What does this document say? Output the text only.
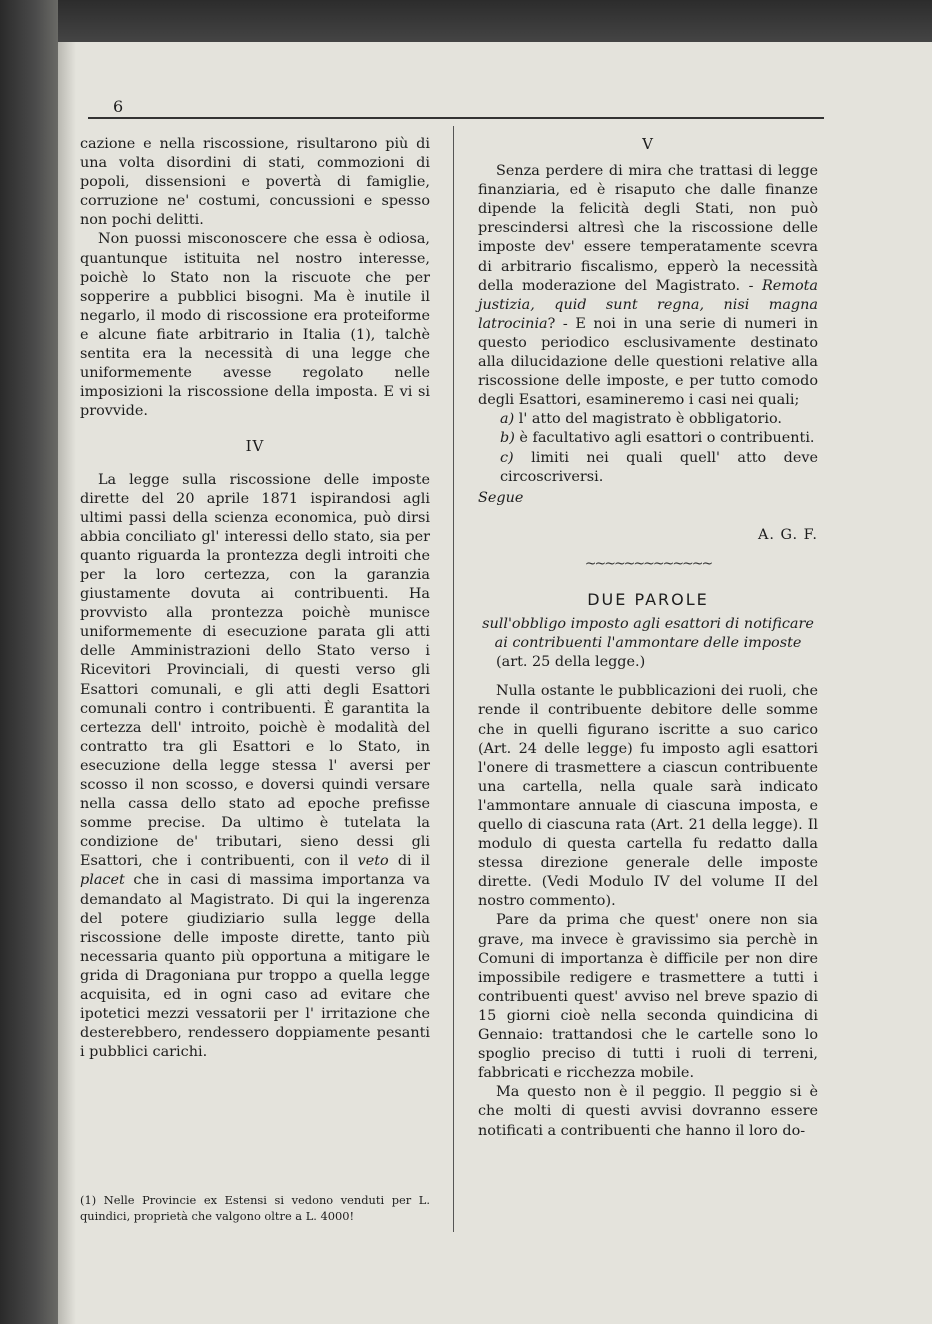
6

cazione e nella riscossione, risultarono più di una volta disordini di stati, commozioni di popoli, dissensioni e povertà di famiglie, corruzione ne' costumi, concussioni e spesso non pochi delitti.

Non puossi misconoscere che essa è odiosa, quantunque istituita nel nostro interesse, poichè lo Stato non la riscuote che per sopperire a pubblici bisogni. Ma è inutile il negarlo, il modo di riscossione era proteiforme e alcune fiate arbitrario in Italia (1), talchè sentita era la necessità di una legge che uniformemente avesse regolato nelle imposizioni la riscossione della imposta. E vi si provvide.

IV

La legge sulla riscossione delle imposte dirette del 20 aprile 1871 ispirandosi agli ultimi passi della scienza economica, può dirsi abbia conciliato gl' interessi dello stato, sia per quanto riguarda la prontezza degli introiti che per la loro certezza, con la garanzia giustamente dovuta ai contribuenti. Ha provvisto alla prontezza poichè munisce uniformemente di esecuzione parata gli atti delle Amministrazioni dello Stato verso i Ricevitori Provinciali, di questi verso gli Esattori comunali, e gli atti degli Esattori comunali contro i contribuenti. È garantita la certezza dell' introito, poichè è modalità del contratto tra gli Esattori e lo Stato, in esecuzione della legge stessa l' aversi per scosso il non scosso, e doversi quindi versare nella cassa dello stato ad epoche prefisse somme precise. Da ultimo è tutelata la condizione de' tributari, sieno dessi gli Esattori, che i contribuenti, con il veto di il placet che in casi di massima importanza va demandato al Magistrato. Di qui la ingerenza del potere giudiziario sulla legge della riscossione delle imposte dirette, tanto più necessaria quanto più opportuna a mitigare le grida di Dragoniana pur troppo a quella legge acquisita, ed in ogni caso ad evitare che ipotetici mezzi vessatorii per l' irritazione che desterebbero, rendessero doppiamente pesanti i pubblici carichi.

(1) Nelle Provincie ex Estensi si vedono venduti per L. quindici, proprietà che valgono oltre a L. 4000!
V

Senza perdere di mira che trattasi di legge finanziaria, ed è risaputo che dalle finanze dipende la felicità degli Stati, non può prescindersi altresì che la riscossione delle imposte dev' essere temperatamente scevra di arbitrario fiscalismo, epperò la necessità della moderazione del Magistrato. - Remota justizia, quid sunt regna, nisi magna latrocinia? - E noi in una serie di numeri in questo periodico esclusivamente destinato alla dilucidazione delle questioni relative alla riscossione delle imposte, e per tutto comodo degli Esattori, esamineremo i casi nei quali;

a) l' atto del magistrato è obbligatorio.

b) è facultativo agli esattori o contribuenti.

c) limiti nei quali quell' atto deve circoscriversi.

Segue

A. G. F.

~~~~~~~~~~~~~
DUE PAROLE

sull'obbligo imposto agli esattori di notificare ai contribuenti l'ammontare delle imposte

(art. 25 della legge.)

Nulla ostante le pubblicazioni dei ruoli, che rende il contribuente debitore delle somme che in quelli figurano iscritte a suo carico (Art. 24 delle legge) fu imposto agli esattori l'onere di trasmettere a ciascun contribuente una cartella, nella quale sarà indicato l'ammontare annuale di ciascuna imposta, e quello di ciascuna rata (Art. 21 della legge). Il modulo di questa cartella fu redatto dalla stessa direzione generale delle imposte dirette. (Vedi Modulo IV del volume II del nostro commento).

Pare da prima che quest' onere non sia grave, ma invece è gravissimo sia perchè in Comuni di importanza è difficile per non dire impossibile redigere e trasmettere a tutti i contribuenti quest' avviso nel breve spazio di 15 giorni cioè nella seconda quindicina di Gennaio: trattandosi che le cartelle sono lo spoglio preciso di tutti i ruoli di terreni, fabbricati e ricchezza mobile.

Ma questo non è il peggio. Il peggio si è che molti di questi avvisi dovranno essere notificati a contribuenti che hanno il loro do-
